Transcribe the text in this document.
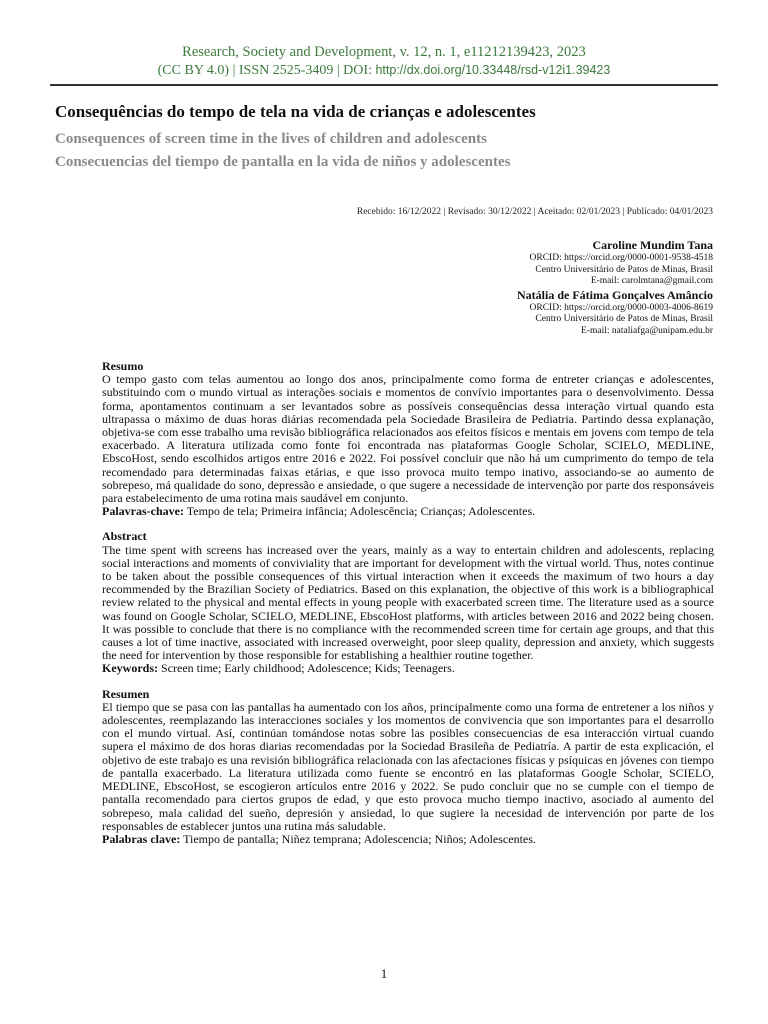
Research, Society and Development, v. 12, n. 1, e11212139423, 2023
(CC BY 4.0) | ISSN 2525-3409 | DOI: http://dx.doi.org/10.33448/rsd-v12i1.39423
Consequências do tempo de tela na vida de crianças e adolescentes
Consequences of screen time in the lives of children and adolescents
Consecuencias del tiempo de pantalla en la vida de niños y adolescentes
Recebido: 16/12/2022 | Revisado: 30/12/2022 | Aceitado: 02/01/2023 | Publicado: 04/01/2023
Caroline Mundim Tana
ORCID: https://orcid.org/0000-0001-9538-4518
Centro Universitário de Patos de Minas, Brasil
E-mail: carolmtana@gmail.com
Natália de Fátima Gonçalves Amâncio
ORCID: https://orcid.org/0000-0003-4006-8619
Centro Universitário de Patos de Minas, Brasil
E-mail: nataliafga@unipam.edu.br
Resumo

O tempo gasto com telas aumentou ao longo dos anos, principalmente como forma de entreter crianças e adolescentes, substituindo com o mundo virtual as interações sociais e momentos de convívio importantes para o desenvolvimento. Dessa forma, apontamentos continuam a ser levantados sobre as possíveis consequências dessa interação virtual quando esta ultrapassa o máximo de duas horas diárias recomendada pela Sociedade Brasileira de Pediatria. Partindo dessa explanação, objetiva-se com esse trabalho uma revisão bibliográfica relacionados aos efeitos físicos e mentais em jovens com tempo de tela exacerbado. A literatura utilizada como fonte foi encontrada nas plataformas Google Scholar, SCIELO, MEDLINE, EbscoHost, sendo escolhidos artigos entre 2016 e 2022. Foi possível concluir que não há um cumprimento do tempo de tela recomendado para determinadas faixas etárias, e que isso provoca muito tempo inativo, associando-se ao aumento de sobrepeso, má qualidade do sono, depressão e ansiedade, o que sugere a necessidade de intervenção por parte dos responsáveis para estabelecimento de uma rotina mais saudável em conjunto.

Palavras-chave: Tempo de tela; Primeira infância; Adolescência; Crianças; Adolescentes.

Abstract

The time spent with screens has increased over the years, mainly as a way to entertain children and adolescents, replacing social interactions and moments of conviviality that are important for development with the virtual world. Thus, notes continue to be taken about the possible consequences of this virtual interaction when it exceeds the maximum of two hours a day recommended by the Brazilian Society of Pediatrics. Based on this explanation, the objective of this work is a bibliographical review related to the physical and mental effects in young people with exacerbated screen time. The literature used as a source was found on Google Scholar, SCIELO, MEDLINE, EbscoHost platforms, with articles between 2016 and 2022 being chosen. It was possible to conclude that there is no compliance with the recommended screen time for certain age groups, and that this causes a lot of time inactive, associated with increased overweight, poor sleep quality, depression and anxiety, which suggests the need for intervention by those responsible for establishing a healthier routine together.

Keywords: Screen time; Early childhood; Adolescence; Kids; Teenagers.

Resumen

El tiempo que se pasa con las pantallas ha aumentado con los años, principalmente como una forma de entretener a los niños y adolescentes, reemplazando las interacciones sociales y los momentos de convivencia que son importantes para el desarrollo con el mundo virtual. Así, continúan tomándose notas sobre las posibles consecuencias de esa interacción virtual cuando supera el máximo de dos horas diarias recomendadas por la Sociedad Brasileña de Pediatría. A partir de esta explicación, el objetivo de este trabajo es una revisión bibliográfica relacionada con las afectaciones físicas y psíquicas en jóvenes con tiempo de pantalla exacerbado. La literatura utilizada como fuente se encontró en las plataformas Google Scholar, SCIELO, MEDLINE, EbscoHost, se escogieron artículos entre 2016 y 2022. Se pudo concluir que no se cumple con el tiempo de pantalla recomendado para ciertos grupos de edad, y que esto provoca mucho tiempo inactivo, asociado al aumento del sobrepeso, mala calidad del sueño, depresión y ansiedad, lo que sugiere la necesidad de intervención por parte de los responsables de establecer juntos una rutina más saludable.

Palabras clave: Tiempo de pantalla; Niñez temprana; Adolescencia; Niños; Adolescentes.

1
